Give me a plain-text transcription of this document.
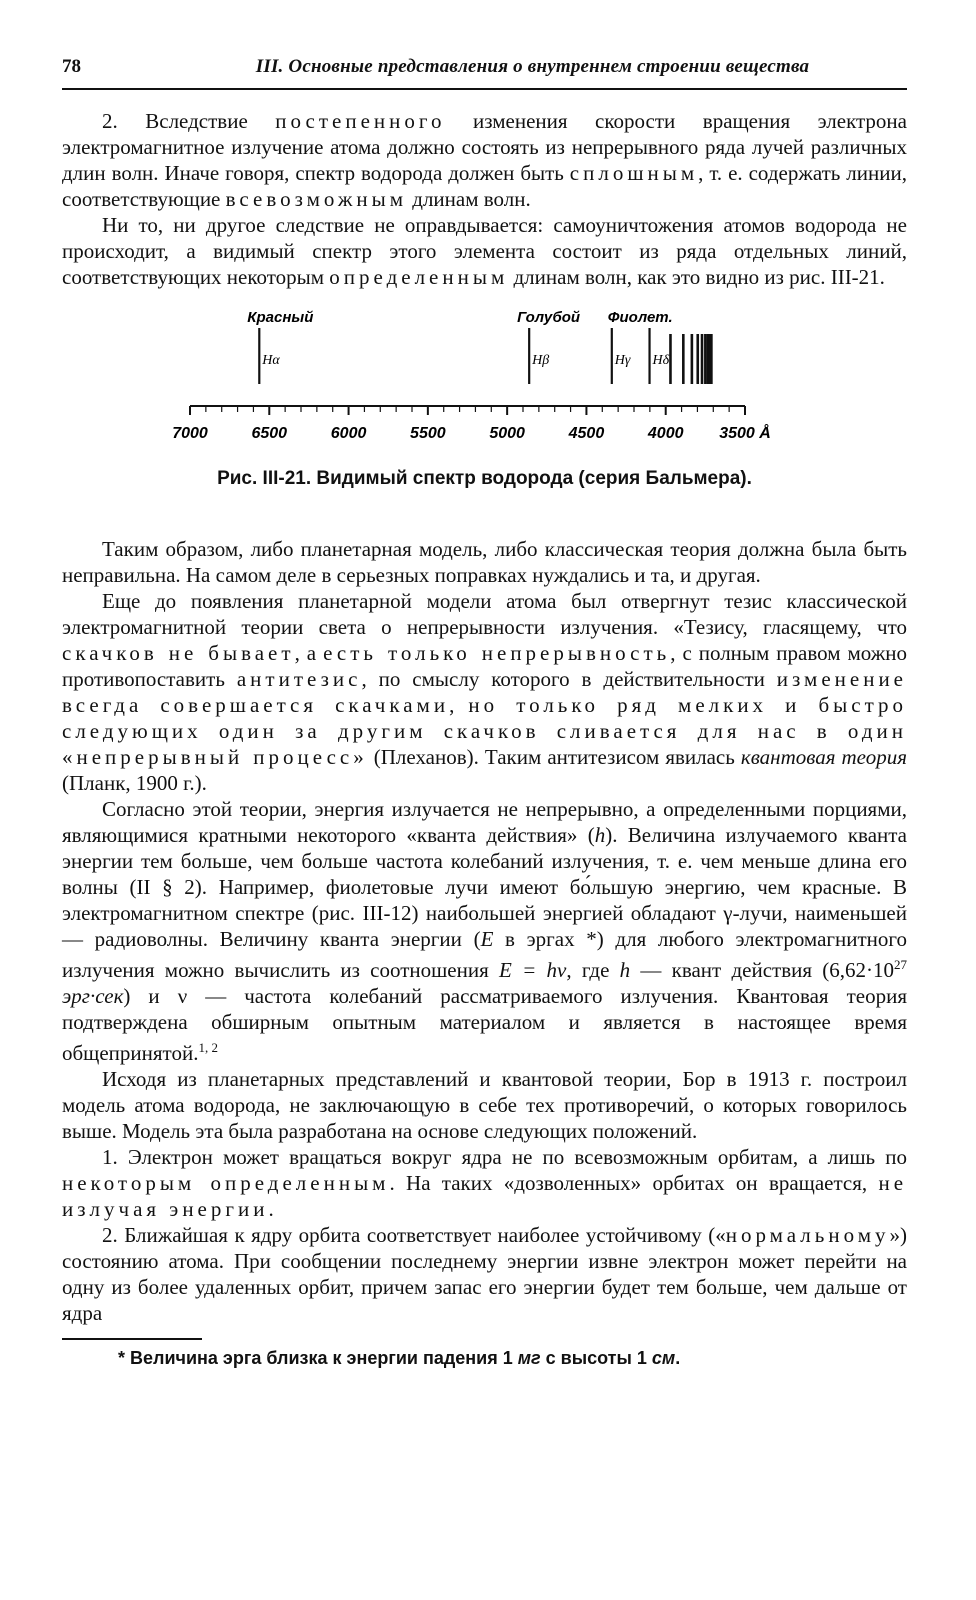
78	III. Основные представления о внутреннем строении вещества

2. Вследствие постепенного изменения скорости вращения электрона электромагнитное излучение атома должно состоять из непрерывного ряда лучей различных длин волн. Иначе говоря, спектр водорода должен быть сплошным, т. е. содержать линии, соответствующие всевозможным длинам волн.

Ни то, ни другое следствие не оправдывается: самоуничтожения атомов водорода не происходит, а видимый спектр этого элемента состоит из ряда отдельных линий, соответствующих некоторым определенным длинам волн, как это видно из рис. III-21.

7000	6500	6000	5500	5000	4500	4000 3500 Å
Hα	Hβ	Hγ Hδ
Красный	Голубой Фиолет.
Рис. III-21. Видимый спектр водорода (серия Бальмера).

Таким образом, либо планетарная модель, либо классическая теория должна была быть неправильна. На самом деле в серьезных поправках нуждались и та, и другая.

Еще до появления планетарной модели атома был отвергнут тезис классической электромагнитной теории света о непрерывности излучения. «Тезису, гласящему, что скачков не бывает, а есть только непрерывность, с полным правом можно противопоставить антитезис, по смыслу которого в действительности изменение всегда совершается скачками, но только ряд мелких и быстро следующих один за другим скачков сливается для нас в один «непрерывный процесс» (Плеханов). Таким антитезисом явилась квантовая теория (Планк, 1900 г.).

Согласно этой теории, энергия излучается не непрерывно, а определенными порциями, являющимися кратными некоторого «кванта действия» (h). Величина излучаемого кванта энергии тем больше, чем больше частота колебаний излучения, т. е. чем меньше длина его волны (II § 2). Например, фиолетовые лучи имеют бо́льшую энергию, чем красные. В электромагнитном спектре (рис. III-12) наибольшей энергией обладают γ-лучи, наименьшей — радиоволны. Величину кванта энергии (E в эргах *) для любого электромагнитного излучения можно вычислить из соотношения E = hν, где h — квант действия ($6,62\cdot 10^{27}$ эрг·сек) и ν — частота колебаний рассматриваемого излучения. Квантовая теория подтверждена обширным опытным материалом и является в настоящее время общепринятой.$^{1, 2}$

Исходя из планетарных представлений и квантовой теории, Бор в 1913 г. построил модель атома водорода, не заключающую в себе тех противоречий, о которых говорилось выше. Модель эта была разработана на основе следующих положений.

1. Электрон может вращаться вокруг ядра не по всевозможным орбитам, а лишь по некоторым определенным. На таких «дозволенных» орбитах он вращается, не излучая энергии.

2. Ближайшая к ядру орбита соответствует наиболее устойчивому («нормальному») состоянию атома. При сообщении последнему энергии извне электрон может перейти на одну из более удаленных орбит, причем запас его энергии будет тем больше, чем дальше от ядра

* Величина эрга близка к энергии падения 1 мг с высоты 1 см.
